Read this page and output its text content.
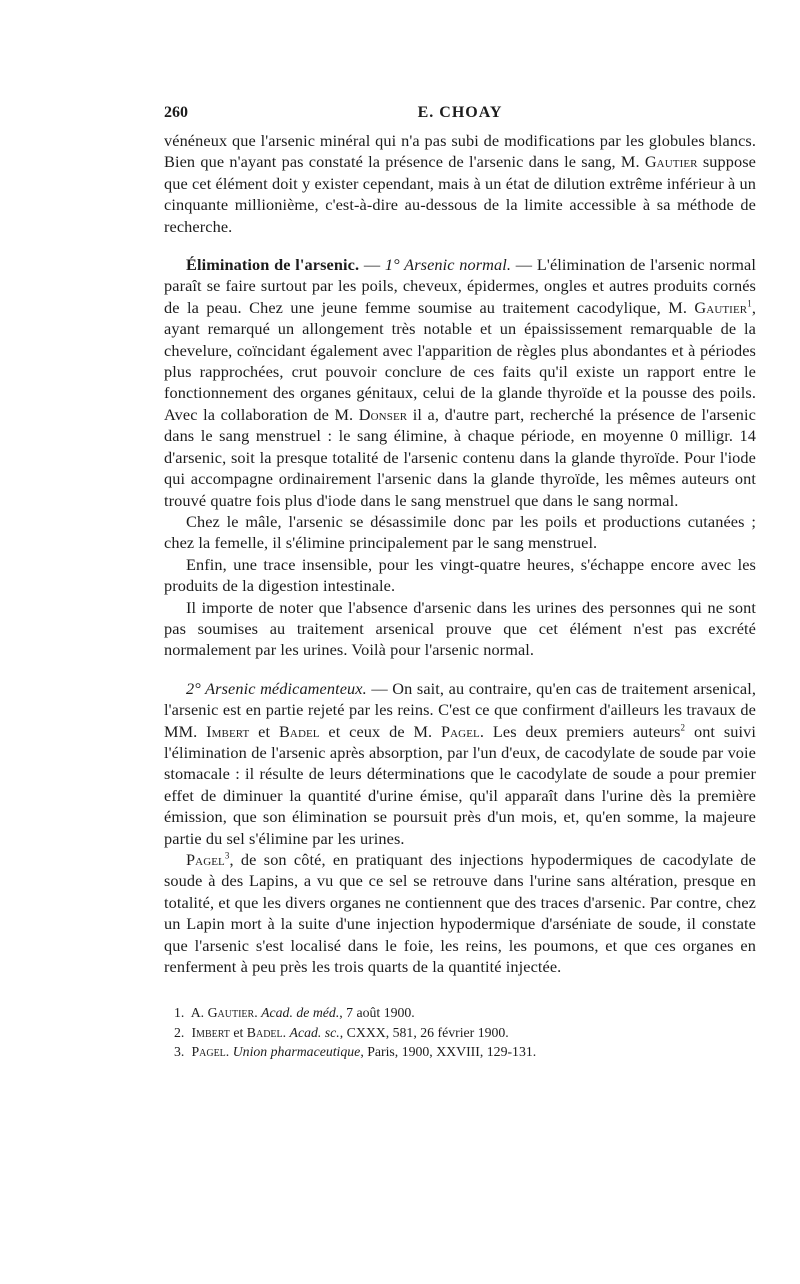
260	E. CHOAY

vénéneux que l'arsenic minéral qui n'a pas subi de modifications par les globules blancs. Bien que n'ayant pas constaté la présence de l'arsenic dans le sang, M. Gautier suppose que cet élément doit y exister cependant, mais à un état de dilution extrême inférieur à un cinquante millionième, c'est-à-dire au-dessous de la limite accessible à sa méthode de recherche.

Élimination de l'arsenic. — 1° Arsenic normal. — L'élimination de l'arsenic normal paraît se faire surtout par les poils, cheveux, épidermes, ongles et autres produits cornés de la peau. Chez une jeune femme soumise au traitement cacodylique, M. Gautier$^1$, ayant remarqué un allongement très notable et un épaississement remarquable de la chevelure, coïncidant également avec l'apparition de règles plus abondantes et à périodes plus rapprochées, crut pouvoir conclure de ces faits qu'il existe un rapport entre le fonctionnement des organes génitaux, celui de la glande thyroïde et la pousse des poils. Avec la collaboration de M. Donser il a, d'autre part, recherché la présence de l'arsenic dans le sang menstruel : le sang élimine, à chaque période, en moyenne 0 milligr. 14 d'arsenic, soit la presque totalité de l'arsenic contenu dans la glande thyroïde. Pour l'iode qui accompagne ordinairement l'arsenic dans la glande thyroïde, les mêmes auteurs ont trouvé quatre fois plus d'iode dans le sang menstruel que dans le sang normal.

Chez le mâle, l'arsenic se désassimile donc par les poils et productions cutanées ; chez la femelle, il s'élimine principalement par le sang menstruel.

Enfin, une trace insensible, pour les vingt-quatre heures, s'échappe encore avec les produits de la digestion intestinale.

Il importe de noter que l'absence d'arsenic dans les urines des personnes qui ne sont pas soumises au traitement arsenical prouve que cet élément n'est pas excrété normalement par les urines. Voilà pour l'arsenic normal.

2° Arsenic médicamenteux. — On sait, au contraire, qu'en cas de traitement arsenical, l'arsenic est en partie rejeté par les reins. C'est ce que confirment d'ailleurs les travaux de MM. Imbert et Badel et ceux de M. Pagel. Les deux premiers auteurs$^2$ ont suivi l'élimination de l'arsenic après absorption, par l'un d'eux, de cacodylate de soude par voie stomacale : il résulte de leurs déterminations que le cacodylate de soude a pour premier effet de diminuer la quantité d'urine émise, qu'il apparaît dans l'urine dès la première émission, que son élimination se poursuit près d'un mois, et, qu'en somme, la majeure partie du sel s'élimine par les urines.

Pagel$^3$, de son côté, en pratiquant des injections hypodermiques de cacodylate de soude à des Lapins, a vu que ce sel se retrouve dans l'urine sans altération, presque en totalité, et que les divers organes ne contiennent que des traces d'arsenic. Par contre, chez un Lapin mort à la suite d'une injection hypodermique d'arséniate de soude, il constate que l'arsenic s'est localisé dans le foie, les reins, les poumons, et que ces organes en renferment à peu près les trois quarts de la quantité injectée.

1. A. Gautier. Acad. de méd., 7 août 1900.
2. Imbert et Badel. Acad. sc., CXXX, 581, 26 février 1900.
3. Pagel. Union pharmaceutique, Paris, 1900, XXVIII, 129-131.
